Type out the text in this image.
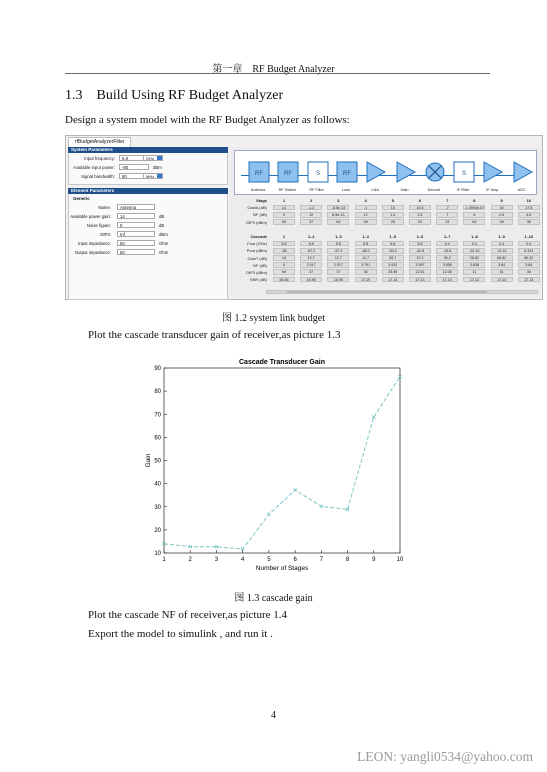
第一章　RF Budget Analyzer
1.3 Build Using RF Budget Analyzer
Design a system model with the RF Budget Analyzer as follows:
rfBudgetAnalyzerFilter
System Parameters
Input frequency:	5.8	GHz
Available input power:	-80	dBm
Signal bandwidth:	80	MHz
Element Parameters
Generic
Name:	Antenna
Available power gain:	14	dB
Noise figure:	0	dB
OIP3:	Inf	dBm
Input impedance:	50	Ohm
Output impedance:	50	Ohm
RF
Antenna
RF
RF Switch
S
RF Filter
RF
Loss	LNA	Gain	Demod
S
IF Filter	IF Amp	ADC
Stage	1	2	3	4	5	6	7	8	9	10
GainA (dB)	14	-1.2	-8.5e-13	-1	15	10.5	-7	-1.0904e-07	40	17.5
NF (dB)	0	12	8.5e-13	12	1.5	3.5	7	8	2.5	4.5
OIP3 (dBm)	Inf	37	Inf	Inf	26	23	13	Inf	Inf	36
Cascade	1	1..2	1..3	1..4	1..5	1..6	1..7	1..8	1..9	1..10
Fout (GHz)	5.8	5.8	5.8	5.8	5.8	5.8	0.4	0.4	0.4	0.4
Pout (dBm)	-66	-67.2	-67.2	-68.2	-53.2	-42.8	-49.8	-51.15	-11.15	6.324
GainT (dB)	14	12.7	12.7	11.7	26.7	37.2	30.2	28.82	68.82	86.32
NF (dB)	0	2.017	2.017	3.791	3.932	3.957	3.958	3.838	3.84	3.84
OIP3 (dBm)	Inf	37	37	36	25.98	22.61	12.08	11	51	36
SNR (dB)	55.96	15.95	15.95	17.19	17.13	17.13	17.13	17.13	17.13	17.13
图 1.2 system link budget
Plot the cascade transducer gain of receiver,as picture 1.3
Cascade Transducer Gain
Number of Stages
Gain
1	2	3	4	5	6	7	8	9	10
10
20
30
40
50
60
70
80
90
图 1.3 cascade gain
Plot the cascade NF of receiver,as picture 1.4
Export the model to simulink , and run it .
4
LEON: yangli0534@yahoo.com
